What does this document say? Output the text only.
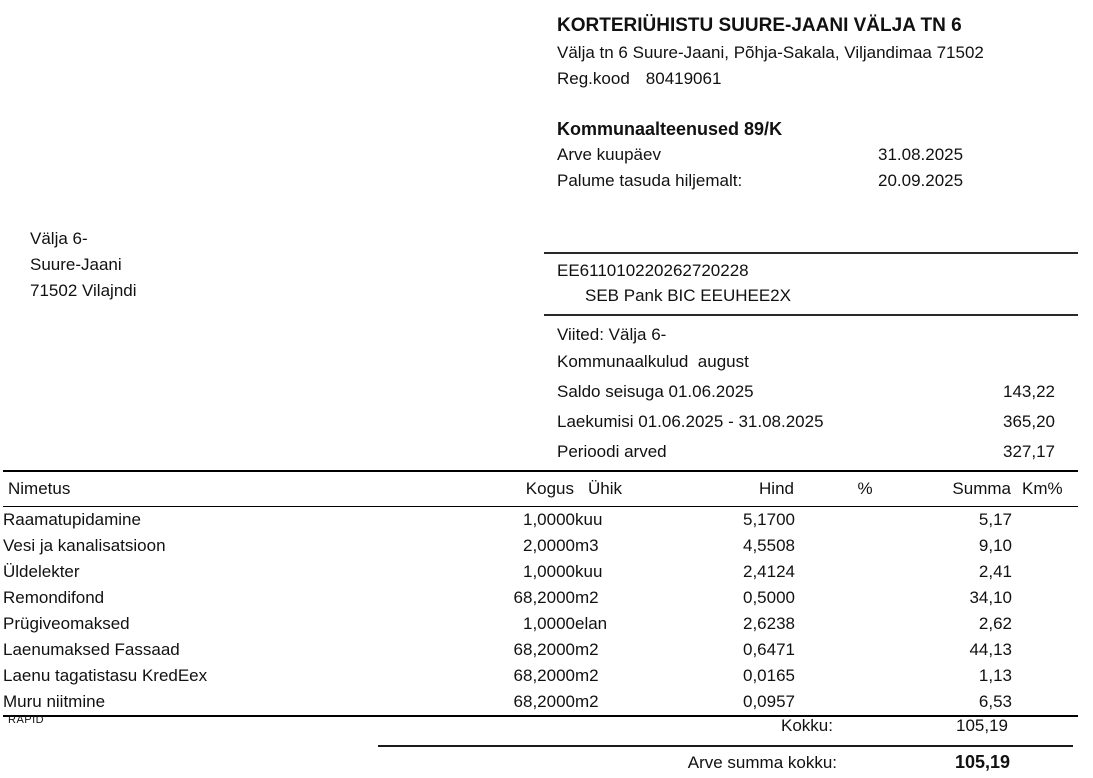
KORTERIÜHISTU SUURE-JAANI VÄLJA TN 6
Välja tn 6 Suure-Jaani, Põhja-Sakala, Viljandimaa 71502
Reg.kood 80419061
Kommunaalteenused 89/K
Arve kuupäev	31.08.2025
Palume tasuda hiljemalt:	20.09.2025
Välja 6-
Suure-Jaani
71502 Vilajndi
EE611010220262720228
SEB Pank BIC EEUHEE2X
Viited: Välja 6-
Kommunaalkulud  august
Saldo seisuga 01.06.2025	143,22
Laekumisi 01.06.2025 - 31.08.2025	365,20
Perioodi arved	327,17
Nimetus	Kogus	Ühik	Hind	%	Summa	Km%
Raamatupidamine	1,0000	kuu	5,1700		5,17	
Vesi ja kanalisatsioon	2,0000	m3	4,5508		9,10	
Üldelekter	1,0000	kuu	2,4124		2,41	
Remondifond	68,2000	m2	0,5000		34,10	
Prügiveomaksed	1,0000	elan	2,6238		2,62	
Laenumaksed Fassaad	68,2000	m2	0,6471		44,13	
Laenu tagatistasu KredEex	68,2000	m2	0,0165		1,13	
Muru niitmine	68,2000	m2	0,0957		6,53	
RAPID	Kokku:	105,19
Arve summa kokku:	105,19
